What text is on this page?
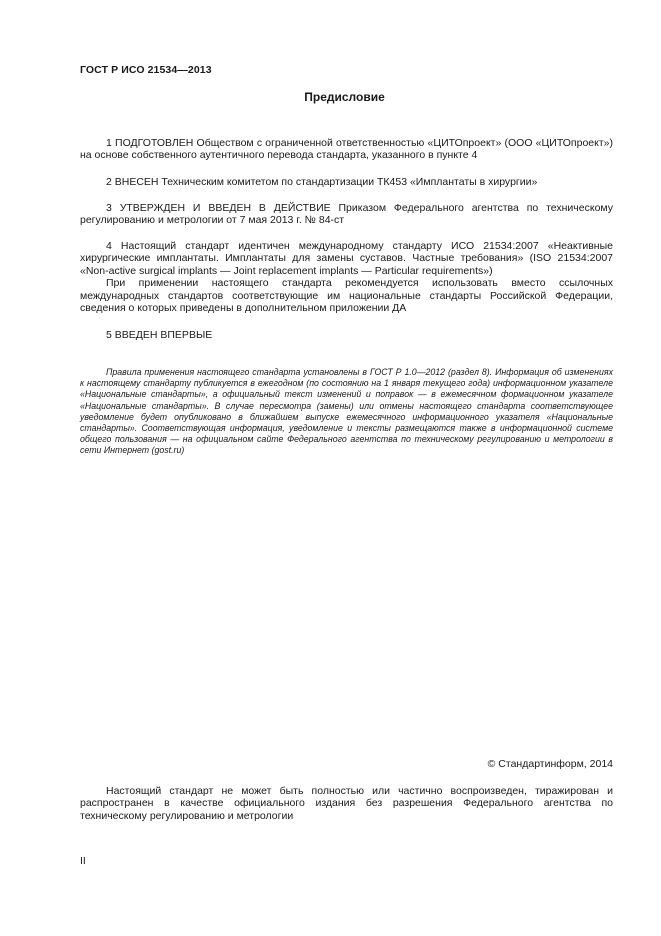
ГОСТ Р ИСО 21534—2013
Предисловие

1 ПОДГОТОВЛЕН Обществом с ограниченной ответственностью «ЦИТОпроект» (ООО «ЦИТОпроект») на основе собственного аутентичного перевода стандарта, указанного в пункте 4

2 ВНЕСЕН Техническим комитетом по стандартизации ТК453 «Имплантаты в хирургии»

3 УТВЕРЖДЕН И ВВЕДЕН В ДЕЙСТВИЕ Приказом Федерального агентства по техническому регулированию и метрологии от 7 мая 2013 г. № 84-ст

4 Настоящий стандарт идентичен международному стандарту ИСО 21534:2007 «Неактивные хирургические имплантаты. Имплантаты для замены суставов. Частные требования» (ISO 21534:2007 «Non-active surgical implants — Joint replacement implants — Particular requirements»)

При применении настоящего стандарта рекомендуется использовать вместо ссылочных международных стандартов соответствующие им национальные стандарты Российской Федерации, сведения о которых приведены в дополнительном приложении ДА

5 ВВЕДЕН ВПЕРВЫЕ

Правила применения настоящего стандарта установлены в ГОСТ Р 1.0—2012 (раздел 8). Информация об изменениях к настоящему стандарту публикуется в ежегодном (по состоянию на 1 января текущего года) информационном указателе «Национальные стандарты», а официальный текст изменений и поправок — в ежемесячном формационном указателе «Национальные стандарты». В случае пересмотра (замены) или отмены настоящего стандарта соответствующее уведомление будет опубликовано в ближайшем выпуске ежемесячного информационного указателя «Национальные стандарты». Соответствующая информация, уведомление и тексты размещаются также в информационной системе общего пользования — на официальном сайте Федерального агентства по техническому регулированию и метрологии в сети Интернет (gost.ru)
© Стандартинформ, 2014
Настоящий стандарт не может быть полностью или частично воспроизведен, тиражирован и распространен в качестве официального издания без разрешения Федерального агентства по техническому регулированию и метрологии
II
